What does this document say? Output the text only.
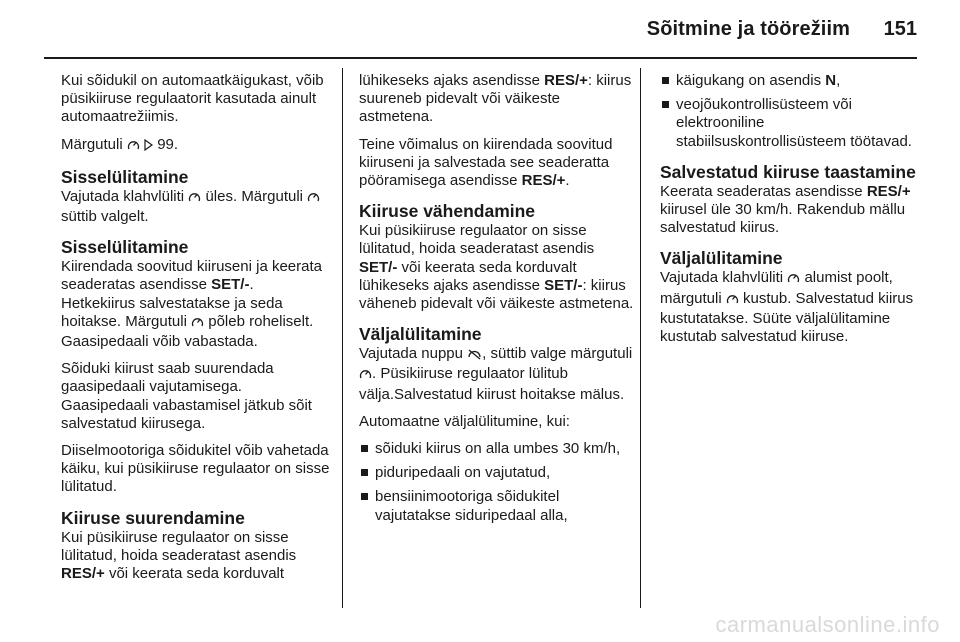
Sõitmine ja töörežiim 151

Kui sõidukil on automaatkäigukast, võib püsikiiruse regulaatorit kasutada ainult automaatrežiimis.

Märgutuli   99.

Sisselülitamine

Vajutada klahvlüliti  üles. Märgutuli  süttib valgelt.

Sisselülitamine

Kiirendada soovitud kiiruseni ja keerata seaderatas asendisse SET/-. Hetkekiirus salvestatakse ja seda hoitakse. Märgutuli  põleb roheliselt. Gaasipedaali võib vabastada.

Sõiduki kiirust saab suurendada gaasipedaali vajutamisega. Gaasipedaali vabastamisel jätkub sõit salvestatud kiirusega.

Diiselmootoriga sõidukitel võib vahetada käiku, kui püsikiiruse regulaator on sisse lülitatud.

Kiiruse suurendamine

Kui püsikiiruse regulaator on sisse lülitatud, hoida seaderatast asendis RES/+ või keerata seda korduvalt

lühikeseks ajaks asendisse RES/+: kiirus suureneb pidevalt või väikeste astmetena.

Teine võimalus on kiirendada soovitud kiiruseni ja salvestada see seaderatta pööramisega asendisse RES/+.

Kiiruse vähendamine

Kui püsikiiruse regulaator on sisse lülitatud, hoida seaderatast asendis SET/- või keerata seda korduvalt lühikeseks ajaks asendisse SET/-: kiirus väheneb pidevalt või väikeste astmetena.

Väljalülitamine

Vajutada nuppu , süttib valge märgutuli . Püsikiiruse regulaator lülitub välja.Salvestatud kiirust hoitakse mälus.

Automaatne väljalülitumine, kui:

sõiduki kiirus on alla umbes 30 km/h,
piduripedaali on vajutatud,
bensiinimootoriga sõidukitel vajutatakse siduripedaal alla,
käigukang on asendis N,
veojõukontrollisüsteem või elektrooniline stabiilsuskontrollisüsteem töötavad.
Salvestatud kiiruse taastamine

Keerata seaderatas asendisse RES/+ kiirusel üle 30 km/h. Rakendub mällu salvestatud kiirus.

Väljalülitamine

Vajutada klahvlüliti  alumist poolt, märgutuli  kustub. Salvestatud kiirus kustutatakse. Süüte väljalülitamine kustutab salvestatud kiiruse.

carmanualsonline.info
